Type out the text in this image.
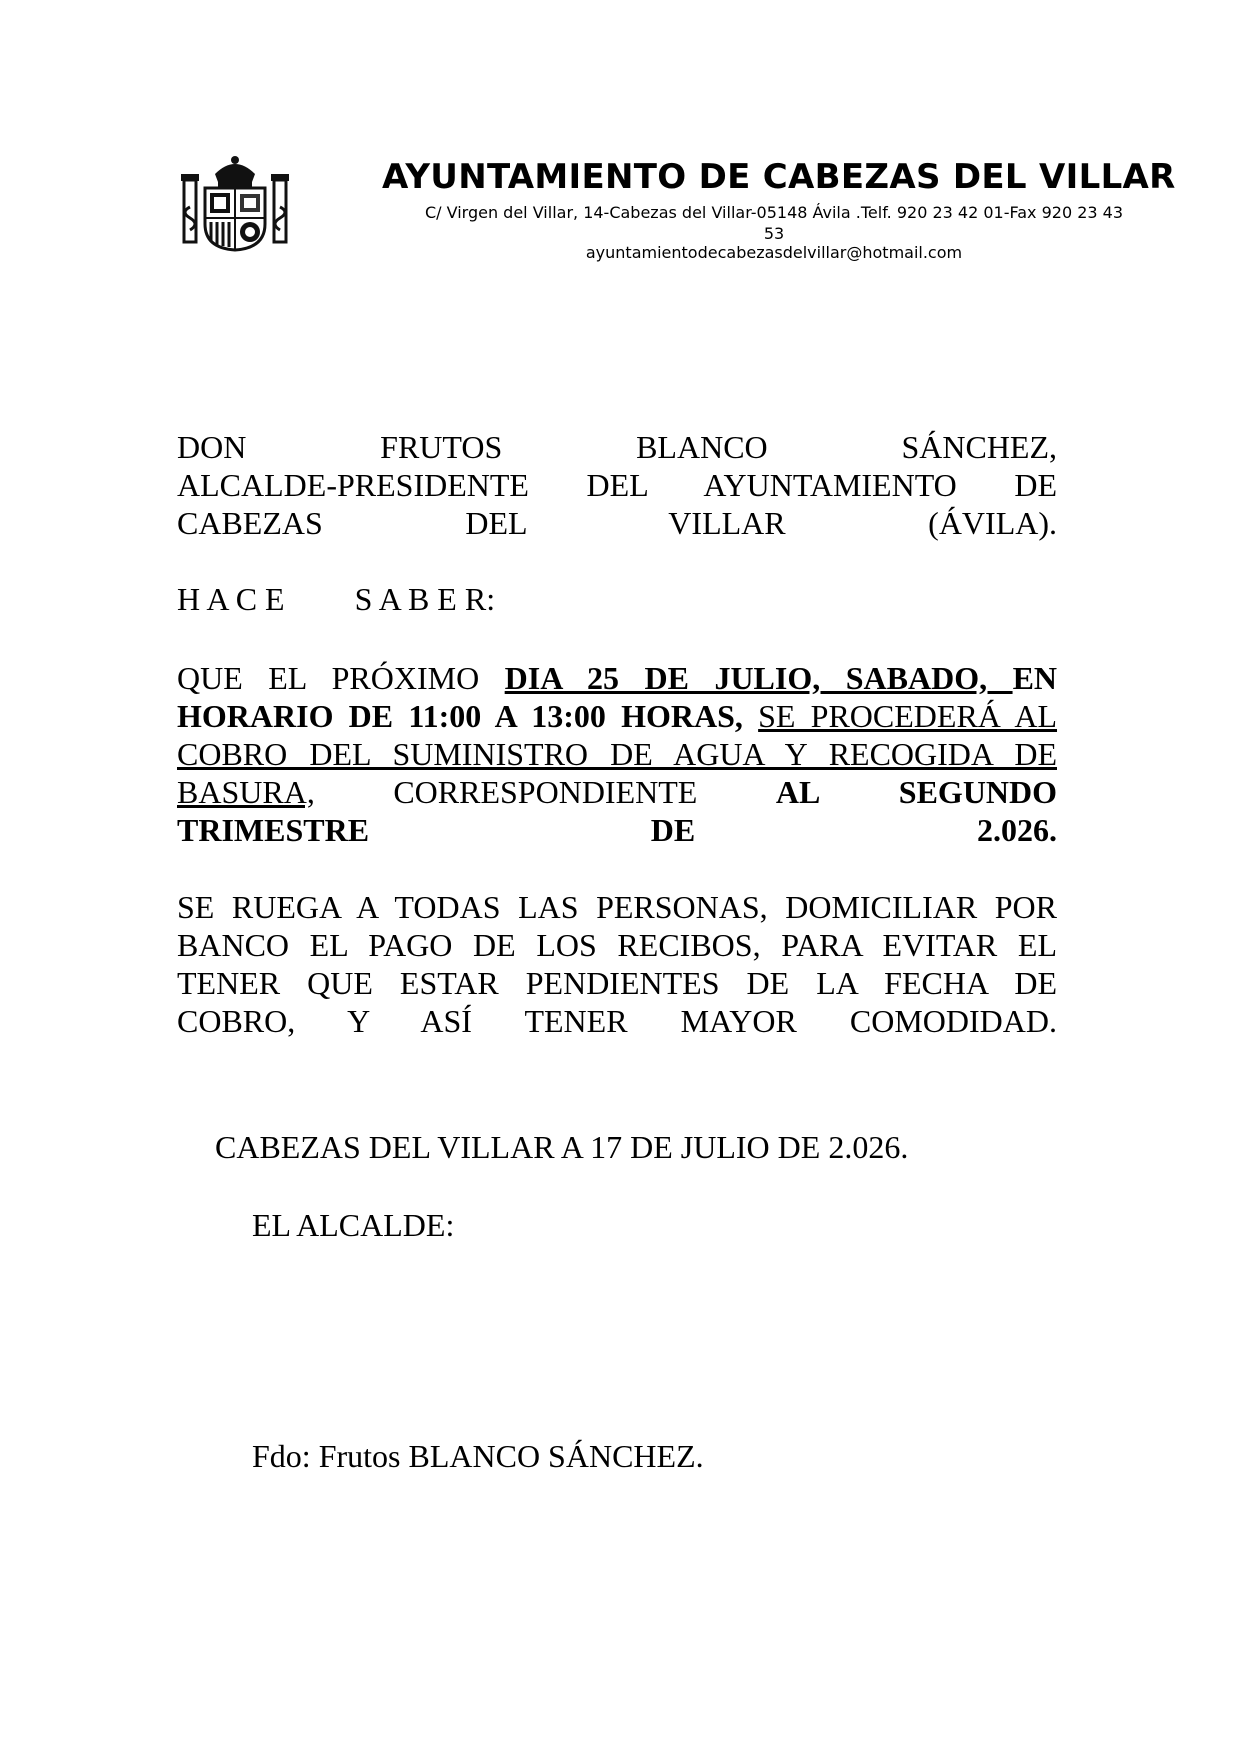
AYUNTAMIENTO DE CABEZAS DEL VILLAR
C/ Virgen del Villar, 14-Cabezas del Villar-05148 Ávila .Telf. 920 23 42 01-Fax 920 23 43
53
ayuntamientodecabezasdelvillar@hotmail.com
DON	FRUTOS	BLANCO	SÁNCHEZ,
ALCALDE-PRESIDENTE DEL AYUNTAMIENTO DE
CABEZAS DEL VILLAR (ÁVILA).
H A C E S A B E R:
QUE EL PRÓXIMO DIA 25 DE JULIO, SABADO, EN
HORARIO DE 11:00 A 13:00 HORAS, SE PROCEDERÁ AL
COBRO DEL SUMINISTRO DE AGUA Y RECOGIDA DE
BASURA, CORRESPONDIENTE AL SEGUNDO
TRIMESTRE DE 2.026.
SE RUEGA A TODAS LAS PERSONAS, DOMICILIAR POR
BANCO EL PAGO DE LOS RECIBOS, PARA EVITAR EL
TENER QUE ESTAR PENDIENTES DE LA FECHA DE
COBRO, Y ASÍ TENER MAYOR COMODIDAD.
CABEZAS DEL VILLAR A 17 DE JULIO DE 2.026.
EL ALCALDE:
Fdo: Frutos BLANCO SÁNCHEZ.
